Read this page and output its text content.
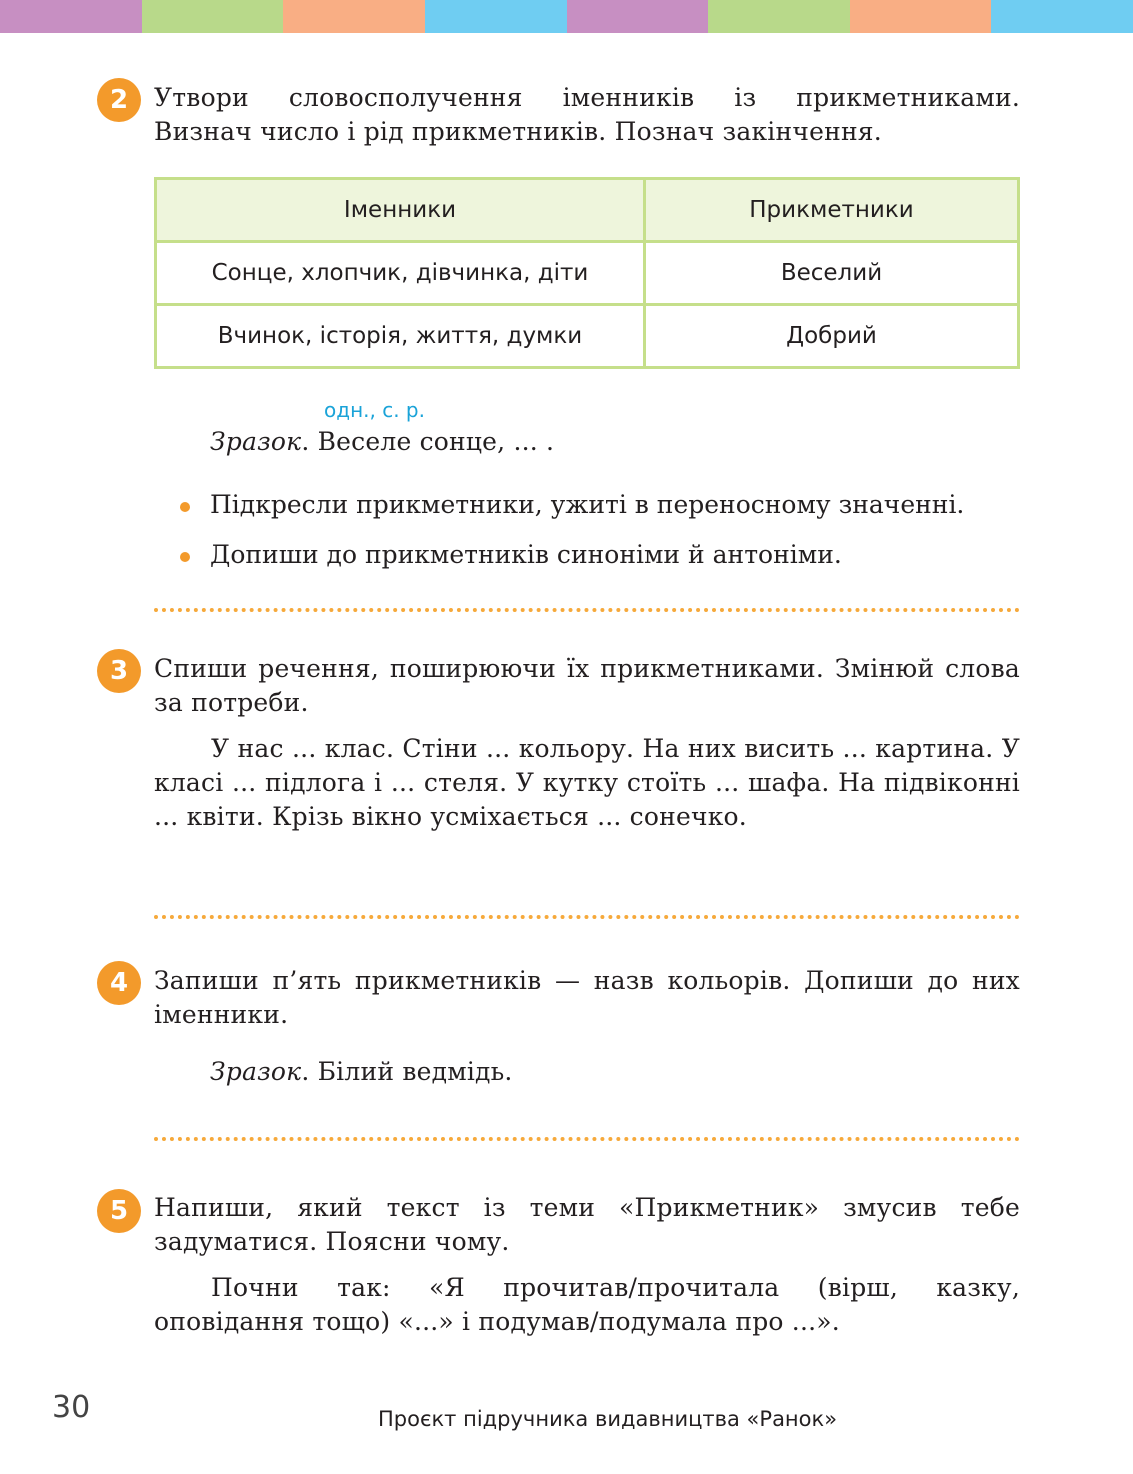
2	Утвори словосполучення іменників із прикметниками.

Визнач число і рід прикметників. Познач закінчення.

Іменники	Прикметники
Сонце, хлопчик, дівчинка, діти	Веселий
Вчинок, історія, життя, думки	Добрий
одн., с. р.

Зразок. Веселе сонце, ... .

Підкресли прикметники, ужиті в переносному значенні.

Допиши до прикметників синоніми й антоніми.

3	Спиши речення, поширюючи їх прикметниками. Змінюй слова за потреби.

У нас ... клас. Стіни ... кольору. На них висить ... картина. У класі ... підлога і ... стеля. У кутку стоїть ... шафа. На підвіконні ... квіти. Крізь вікно усміхається ... сонечко.

4	Запиши п’ять прикметників — назв кольорів. Допиши до них іменники.

Зразок. Білий ведмідь.

5	Напиши, який текст із теми «Прикметник» змусив тебе задуматися. Поясни чому.

Почни так: «Я прочитав/прочитала (вірш, казку, оповідання тощо) «...» і подумав/подумала про ...».

30	Проєкт підручника видавництва «Ранок»
